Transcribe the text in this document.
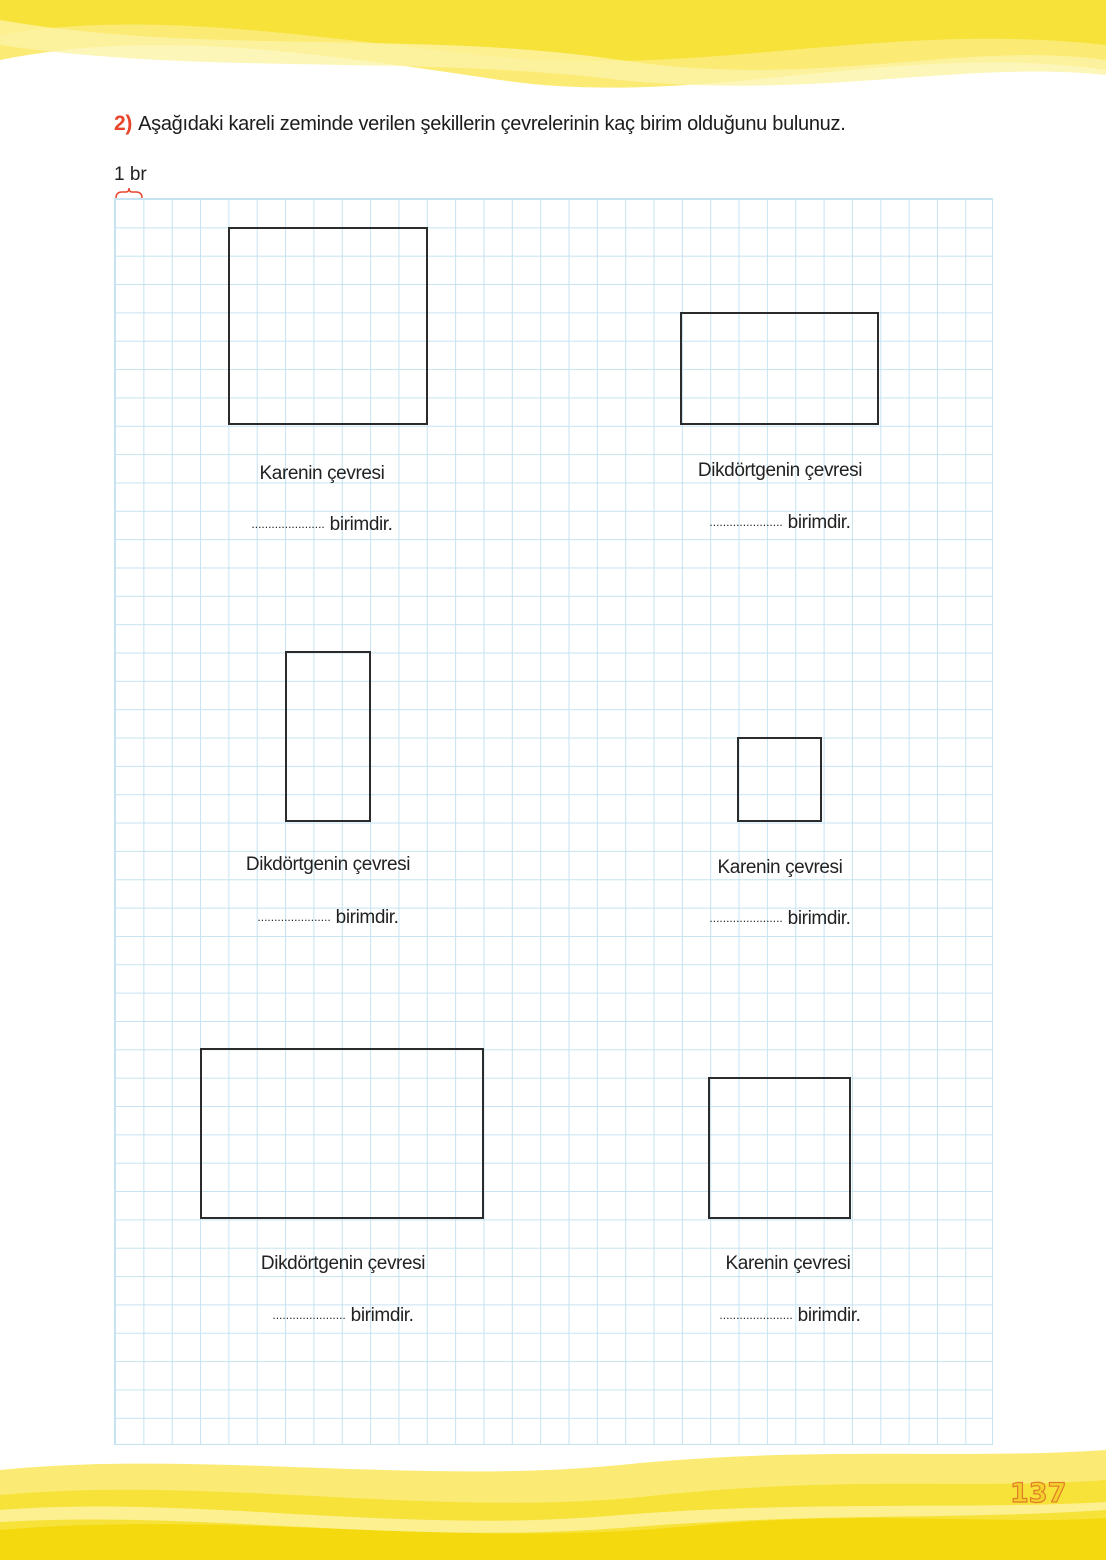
2) Aşağıdaki kareli zeminde verilen şekillerin çevrelerinin kaç birim olduğunu bulunuz.
1 br
Karenin çevresi
...................... birimdir.
Dikdörtgenin çevresi
...................... birimdir.
Dikdörtgenin çevresi
...................... birimdir.
Karenin çevresi
...................... birimdir.
Dikdörtgenin çevresi
...................... birimdir.
Karenin çevresi
...................... birimdir.
137
